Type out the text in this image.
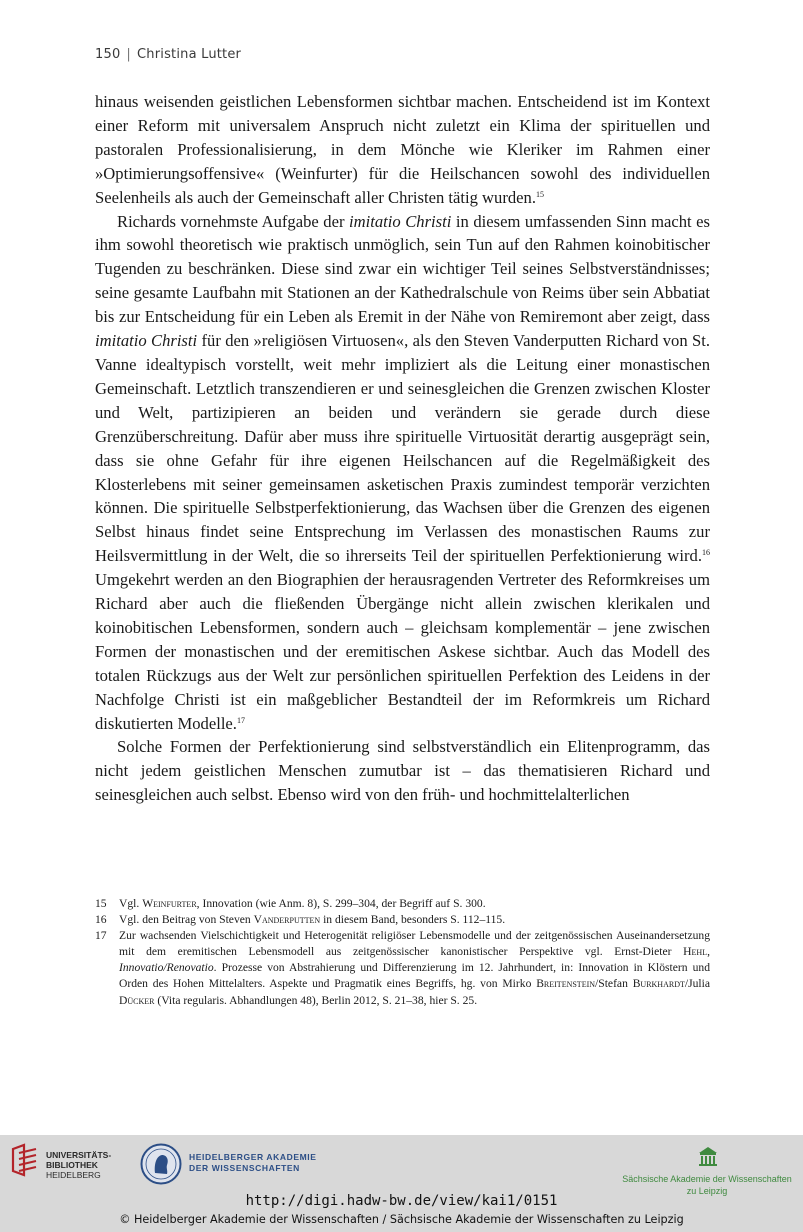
150 | Christina Lutter

hinaus weisenden geistlichen Lebensformen sichtbar machen. Entscheidend ist im Kontext einer Reform mit universalem Anspruch nicht zuletzt ein Klima der spirituellen und pastoralen Professionalisierung, in dem Mönche wie Kleriker im Rahmen einer »Optimierungsoffensive« (Weinfurter) für die Heilschancen sowohl des individuellen Seelenheils als auch der Gemeinschaft aller Christen tätig wurden.$^{15}$

Richards vornehmste Aufgabe der imitatio Christi in diesem umfassenden Sinn macht es ihm sowohl theoretisch wie praktisch unmöglich, sein Tun auf den Rahmen koinobitischer Tugenden zu beschränken. Diese sind zwar ein wichtiger Teil seines Selbstverständnisses; seine gesamte Laufbahn mit Stationen an der Kathedralschule von Reims über sein Abbatiat bis zur Entscheidung für ein Leben als Eremit in der Nähe von Remiremont aber zeigt, dass imitatio Christi für den »religiösen Virtuosen«, als den Steven Vanderputten Richard von St. Vanne idealtypisch vorstellt, weit mehr impliziert als die Leitung einer monastischen Gemeinschaft. Letztlich transzendieren er und seinesgleichen die Grenzen zwischen Kloster und Welt, partizipieren an beiden und verändern sie gerade durch diese Grenzüberschreitung. Dafür aber muss ihre spirituelle Virtuosität derartig ausgeprägt sein, dass sie ohne Gefahr für ihre eigenen Heilschancen auf die Regelmäßigkeit des Klosterlebens mit seiner gemeinsamen asketischen Praxis zumindest temporär verzichten können. Die spirituelle Selbstperfektionierung, das Wachsen über die Grenzen des eigenen Selbst hinaus findet seine Entsprechung im Verlassen des monastischen Raums zur Heilsvermittlung in der Welt, die so ihrerseits Teil der spirituellen Perfektionierung wird.$^{16}$ Umgekehrt werden an den Biographien der herausragenden Vertreter des Reformkreises um Richard aber auch die fließenden Übergänge nicht allein zwischen klerikalen und koinobitischen Lebensformen, sondern auch – gleichsam komplementär – jene zwischen Formen der monastischen und der eremitischen Askese sichtbar. Auch das Modell des totalen Rückzugs aus der Welt zur persönlichen spirituellen Perfektion des Leidens in der Nachfolge Christi ist ein maßgeblicher Bestandteil der im Reformkreis um Richard diskutierten Modelle.$^{17}$

Solche Formen der Perfektionierung sind selbstverständlich ein Elitenprogramm, das nicht jedem geistlichen Menschen zumutbar ist – das thematisieren Richard und seinesgleichen auch selbst. Ebenso wird von den früh- und hochmittelalterlichen

15	Vgl. Weinfurter, Innovation (wie Anm. 8), S. 299–304, der Begriff auf S. 300.
16	Vgl. den Beitrag von Steven Vanderputten in diesem Band, besonders S. 112–115.
17	Zur wachsenden Vielschichtigkeit und Heterogenität religiöser Lebensmodelle und der zeitgenössischen Auseinandersetzung mit dem eremitischen Lebensmodell aus zeitgenössischer kanonistischer Perspektive vgl. Ernst-Dieter Hehl, Innovatio/Renovatio. Prozesse von Abstrahierung und Differenzierung im 12. Jahrhundert, in: Innovation in Klöstern und Orden des Hohen Mittelalters. Aspekte und Pragmatik eines Begriffs, hg. von Mirko Breitenstein/Stefan Burkhardt/Julia Dücker (Vita regularis. Abhandlungen 48), Berlin 2012, S. 21–38, hier S. 25.
UNIVERSITÄTS-
BIBLIOTHEK
HEIDELBERG
HEIDELBERGER AKADEMIE
DER WISSENSCHAFTEN
Sächsische Akademie der Wissenschaften
zu Leipzig
http://digi.hadw-bw.de/view/kai1/0151
© Heidelberger Akademie der Wissenschaften / Sächsische Akademie der Wissenschaften zu Leipzig
